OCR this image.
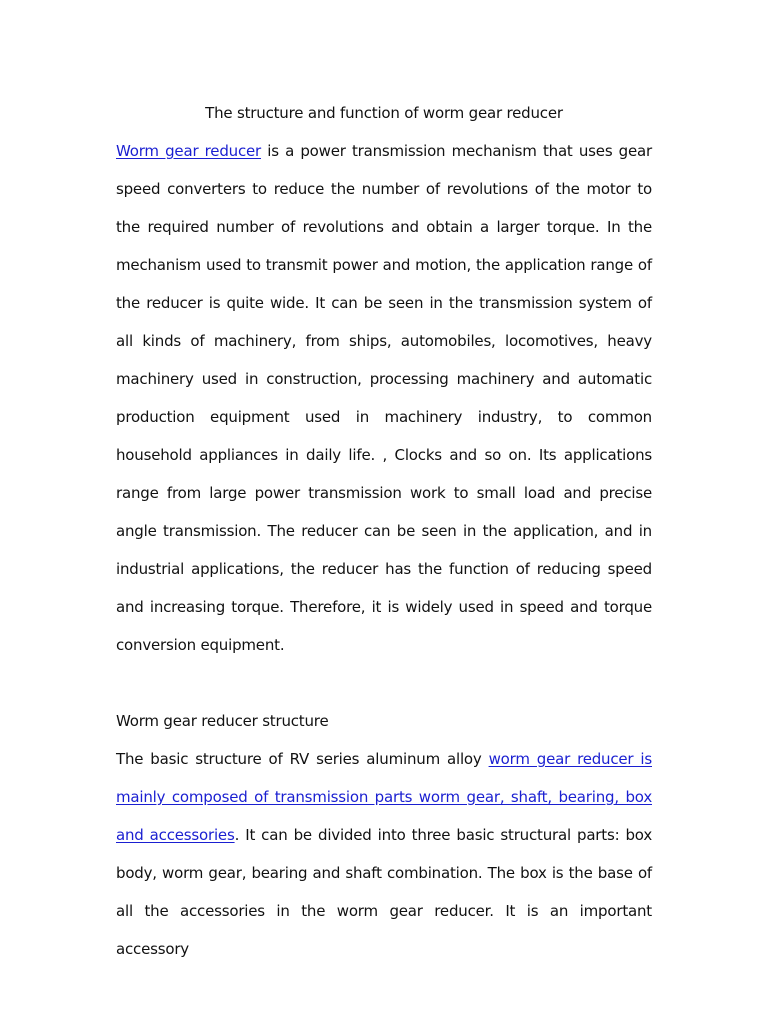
The structure and function of worm gear reducer

Worm gear reducer is a power transmission mechanism that uses gear speed converters to reduce the number of revolutions of the motor to the required number of revolutions and obtain a larger torque. In the mechanism used to transmit power and motion, the application range of the reducer is quite wide. It can be seen in the transmission system of all kinds of machinery, from ships, automobiles, locomotives, heavy machinery used in construction, processing machinery and automatic production equipment used in machinery industry, to common household appliances in daily life. , Clocks and so on. Its applications range from large power transmission work to small load and precise angle transmission. The reducer can be seen in the application, and in industrial applications, the reducer has the function of reducing speed and increasing torque. Therefore, it is widely used in speed and torque conversion equipment.

Worm gear reducer structure

The basic structure of RV series aluminum alloy worm gear reducer is mainly composed of transmission parts worm gear, shaft, bearing, box and accessories. It can be divided into three basic structural parts: box body, worm gear, bearing and shaft combination. The box is the base of all the accessories in the worm gear reducer. It is an important accessory
